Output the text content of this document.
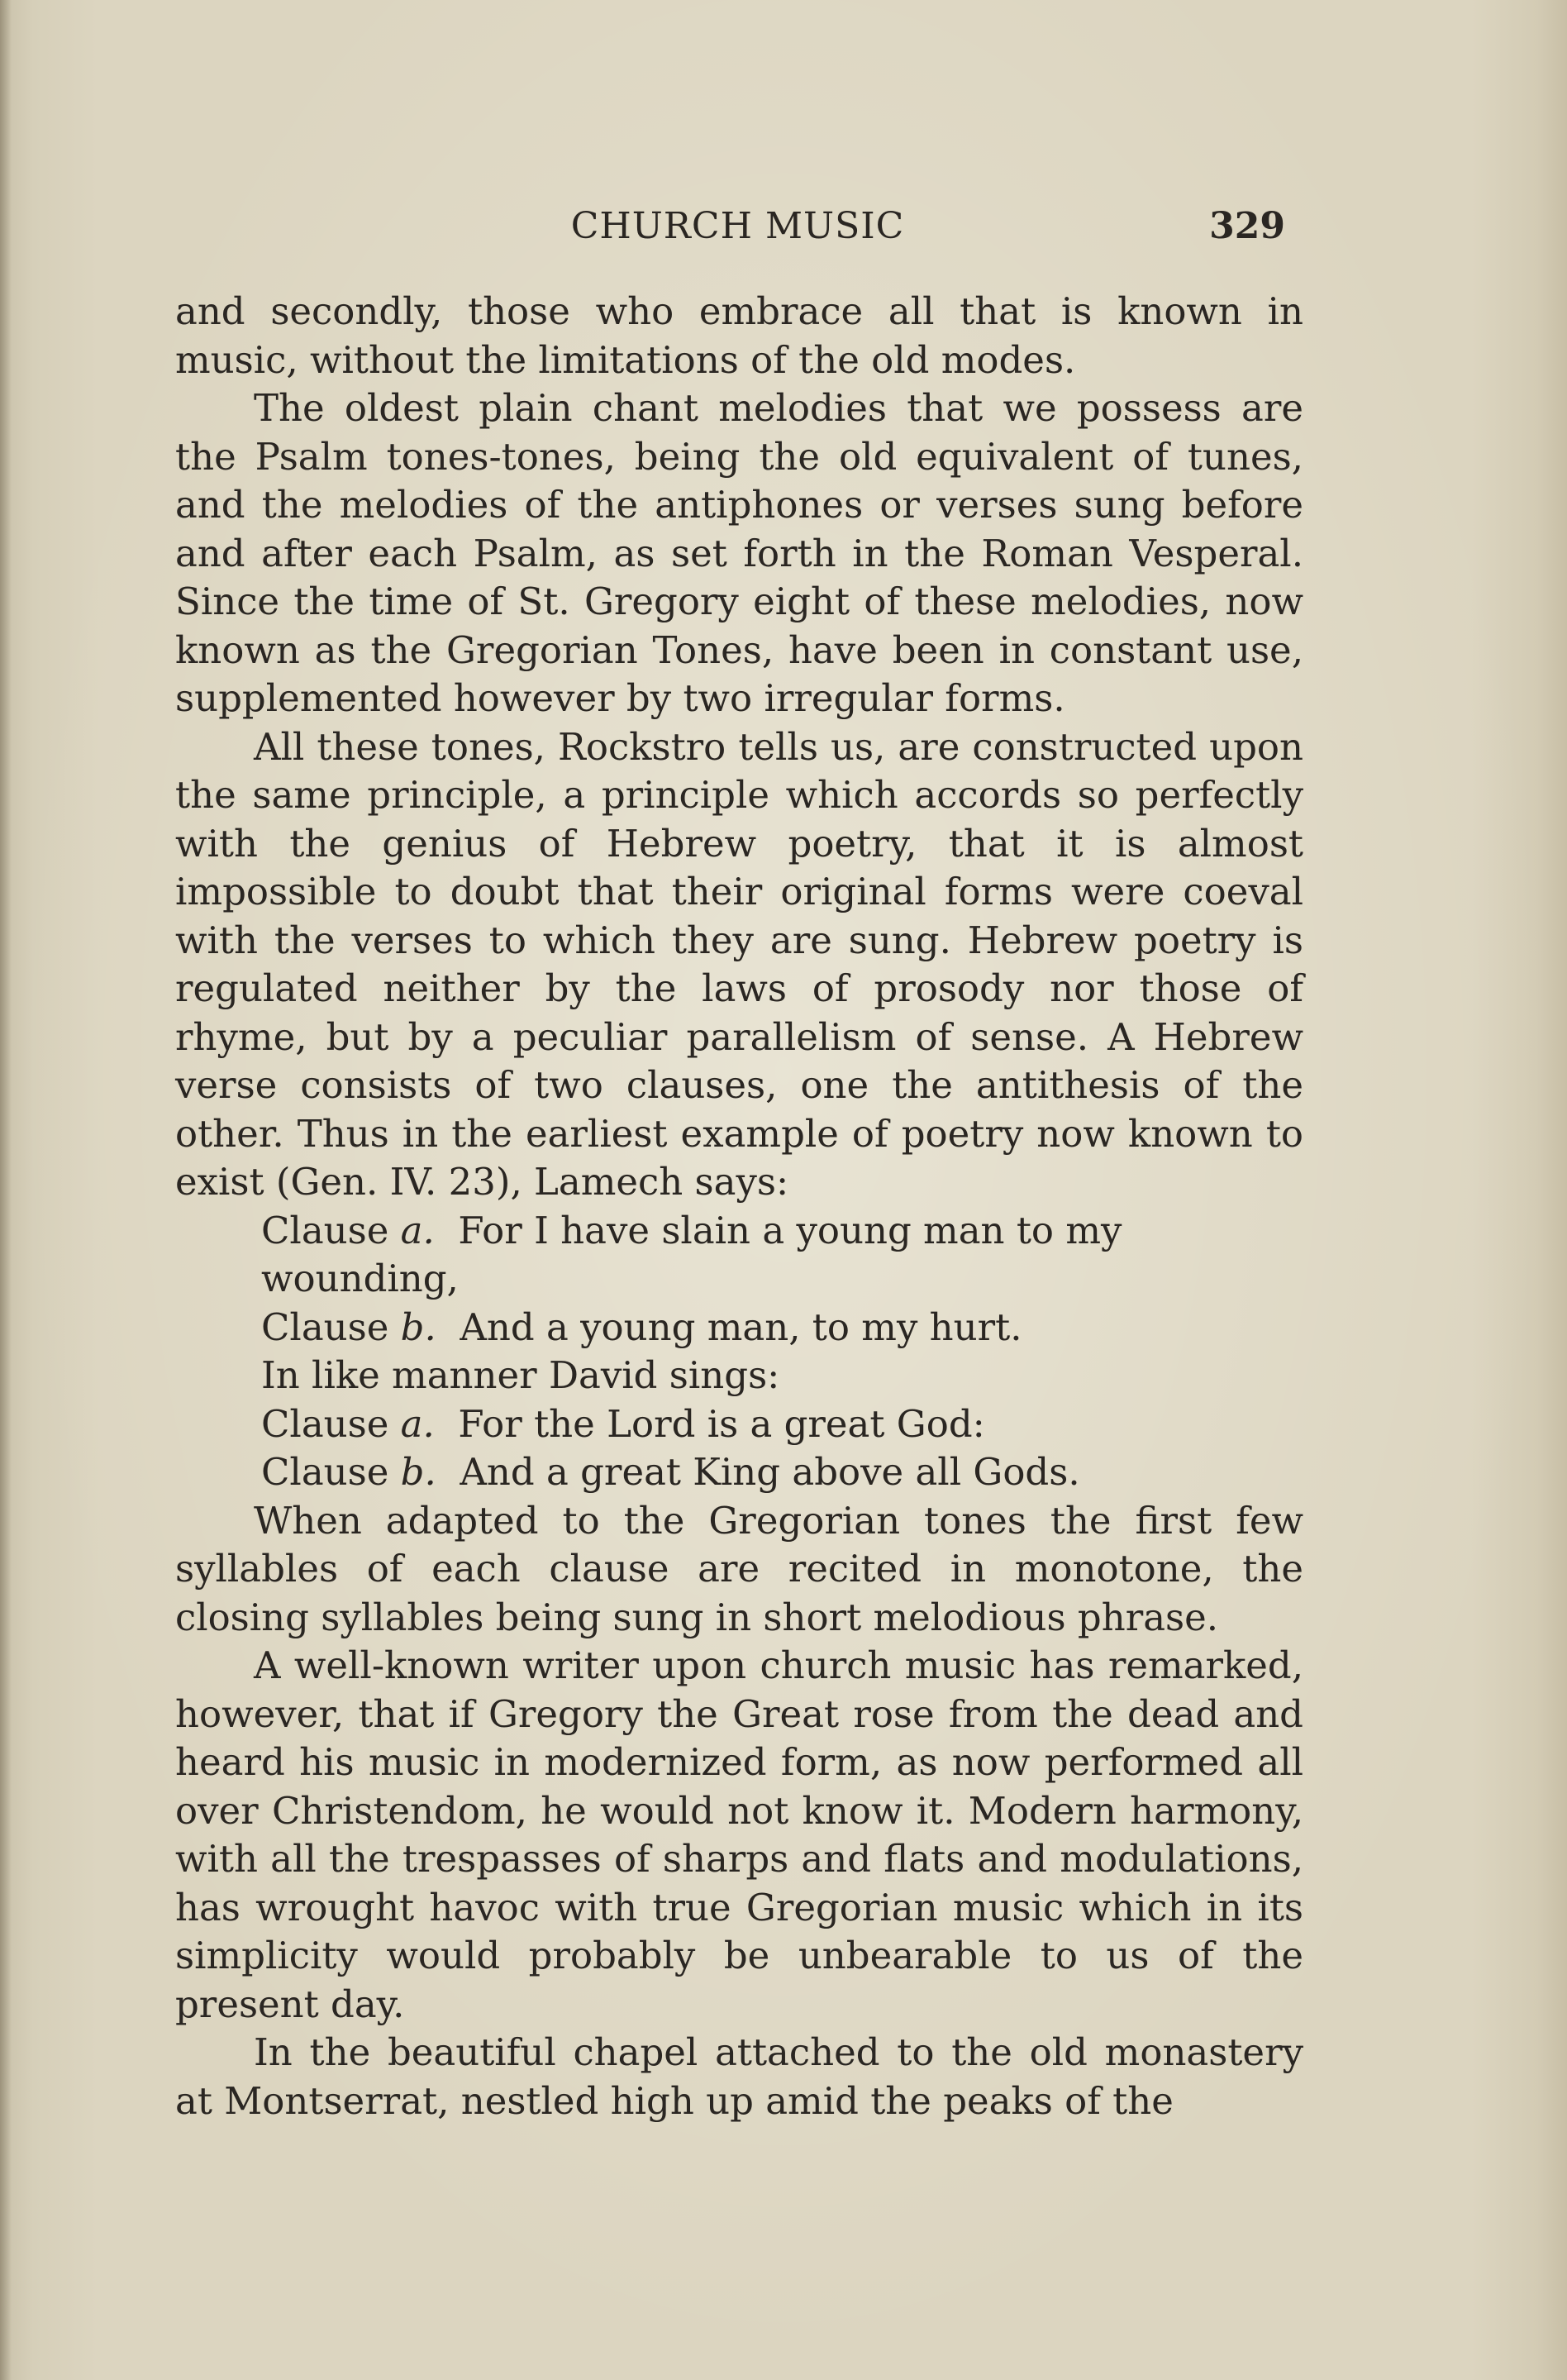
CHURCH MUSIC	329

and secondly, those who embrace all that is known in music, without the limitations of the old modes.

The oldest plain chant melodies that we possess are the Psalm tones-tones, being the old equivalent of tunes, and the melodies of the antiphones or verses sung before and after each Psalm, as set forth in the Roman Vesperal. Since the time of St. Gregory eight of these melodies, now known as the Gregorian Tones, have been in constant use, supplemented however by two irregular forms.

All these tones, Rockstro tells us, are constructed upon the same principle, a principle which accords so perfectly with the genius of Hebrew poetry, that it is almost impossible to doubt that their original forms were coeval with the verses to which they are sung. Hebrew poetry is regulated neither by the laws of prosody nor those of rhyme, but by a peculiar parallelism of sense. A Hebrew verse consists of two clauses, one the antithesis of the other. Thus in the earliest example of poetry now known to exist (Gen. IV. 23), Lamech says:

Clause a. For I have slain a young man to my wounding,

Clause b. And a young man, to my hurt.

In like manner David sings:

Clause a. For the Lord is a great God:

Clause b. And a great King above all Gods.

When adapted to the Gregorian tones the first few syllables of each clause are recited in monotone, the closing syllables being sung in short melodious phrase.

A well-known writer upon church music has remarked, however, that if Gregory the Great rose from the dead and heard his music in modernized form, as now performed all over Christendom, he would not know it. Modern harmony, with all the trespasses of sharps and flats and modulations, has wrought havoc with true Gregorian music which in its simplicity would probably be unbearable to us of the present day.

In the beautiful chapel attached to the old monastery at Montserrat, nestled high up amid the peaks of the
